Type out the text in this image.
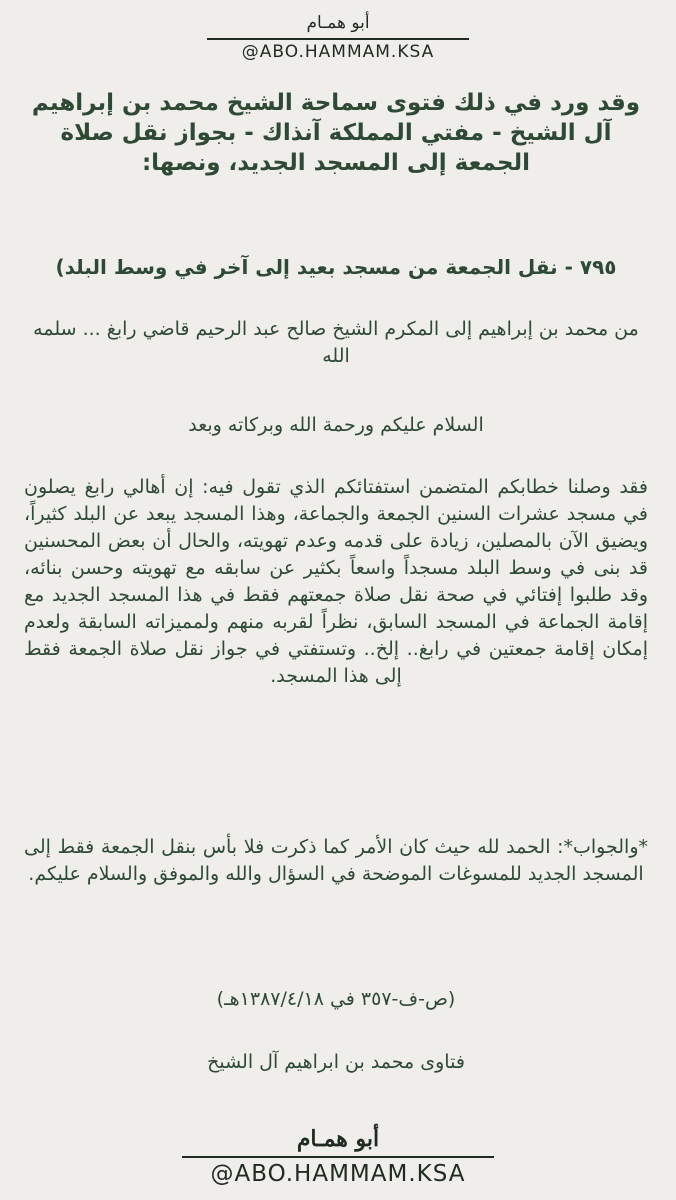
أبو همـام
@ABO.HAMMAM.KSA
وقد ورد في ذلك فتوى سماحة الشيخ محمد بن إبراهيم آل الشيخ - مفتي المملكة آنذاك - بجواز نقل صلاة الجمعة إلى المسجد الجديد، ونصها:
٧٩٥ - نقل الجمعة من مسجد بعيد إلى آخر في وسط البلد)
من محمد بن إبراهيم إلى المكرم الشيخ صالح عبد الرحيم قاضي رابغ ... سلمه الله
السلام عليكم ورحمة الله وبركاته وبعد
فقد وصلنا خطابكم المتضمن استفتائكم الذي تقول فيه: إن أهالي رابغ يصلون في مسجد عشرات السنين الجمعة والجماعة، وهذا المسجد يبعد عن البلد كثيراً، ويضيق الآن بالمصلين، زيادة على قدمه وعدم تهويته، والحال أن بعض المحسنين قد بنى في وسط البلد مسجداً واسعاً بكثير عن سابقه مع تهويته وحسن بنائه، وقد طلبوا إفتائي في صحة نقل صلاة جمعتهم فقط في هذا المسجد الجديد مع إقامة الجماعة في المسجد السابق، نظراً لقربه منهم ولمميزاته السابقة ولعدم إمكان إقامة جمعتين في رابغ.. إلخ.. وتستفتي في جواز نقل صلاة الجمعة فقط إلى هذا المسجد.
*والجواب*: الحمد لله حيث كان الأمر كما ذكرت فلا بأس بنقل الجمعة فقط إلى المسجد الجديد للمسوغات الموضحة في السؤال والله والموفق والسلام عليكم.
(ص-ف-٣٥٧ في ١٣٨٧/٤/١٨هـ)
فتاوى محمد بن ابراهيم آل الشيخ
أبو همـام
@ABO.HAMMAM.KSA
